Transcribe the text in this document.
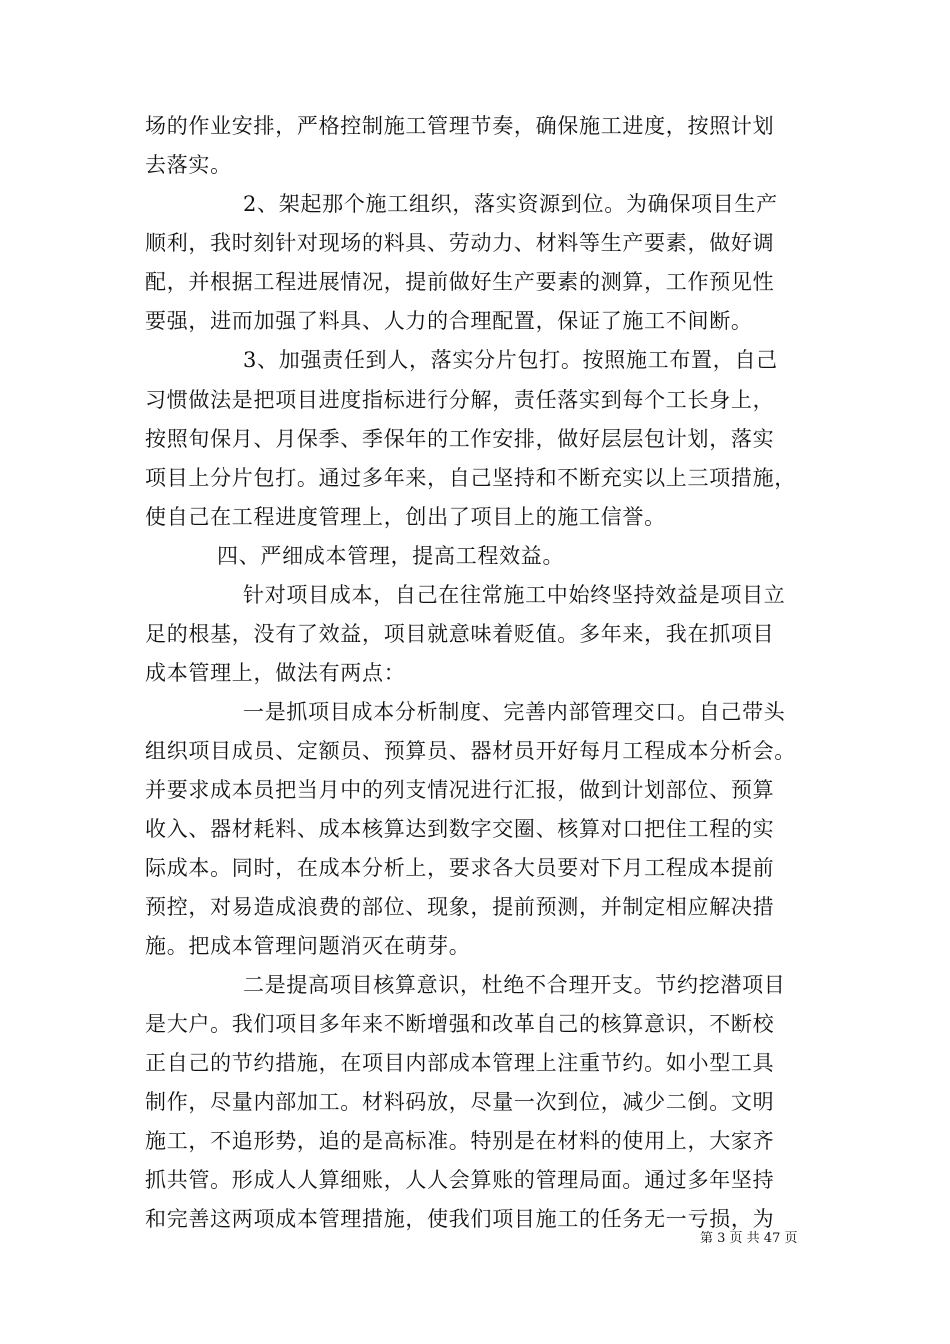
场的作业安排，严格控制施工管理节奏，确保施工进度，按照计划

去落实。

2、架起那个施工组织，落实资源到位。为确保项目生产

顺利，我时刻针对现场的料具、劳动力、材料等生产要素，做好调

配，并根据工程进展情况，提前做好生产要素的测算，工作预见性

要强，进而加强了料具、人力的合理配置，保证了施工不间断。

3、加强责任到人，落实分片包打。按照施工布置，自己

习惯做法是把项目进度指标进行分解，责任落实到每个工长身上，

按照旬保月、月保季、季保年的工作安排，做好层层包计划，落实

项目上分片包打。通过多年来，自己坚持和不断充实以上三项措施，

使自己在工程进度管理上，创出了项目上的施工信誉。

四、严细成本管理，提高工程效益。

针对项目成本，自己在往常施工中始终坚持效益是项目立

足的根基，没有了效益，项目就意味着贬值。多年来，我在抓项目

成本管理上，做法有两点：

一是抓项目成本分析制度、完善内部管理交口。自己带头

组织项目成员、定额员、预算员、器材员开好每月工程成本分析会。

并要求成本员把当月中的列支情况进行汇报，做到计划部位、预算

收入、器材耗料、成本核算达到数字交圈、核算对口把住工程的实

际成本。同时，在成本分析上，要求各大员要对下月工程成本提前

预控，对易造成浪费的部位、现象，提前预测，并制定相应解决措

施。把成本管理问题消灭在萌芽。

二是提高项目核算意识，杜绝不合理开支。节约挖潜项目

是大户。我们项目多年来不断增强和改革自己的核算意识，不断校

正自己的节约措施，在项目内部成本管理上注重节约。如小型工具

制作，尽量内部加工。材料码放，尽量一次到位，减少二倒。文明

施工，不追形势，追的是高标准。特别是在材料的使用上，大家齐

抓共管。形成人人算细账，人人会算账的管理局面。通过多年坚持

和完善这两项成本管理措施，使我们项目施工的任务无一亏损，为

第 3 页 共 47 页
